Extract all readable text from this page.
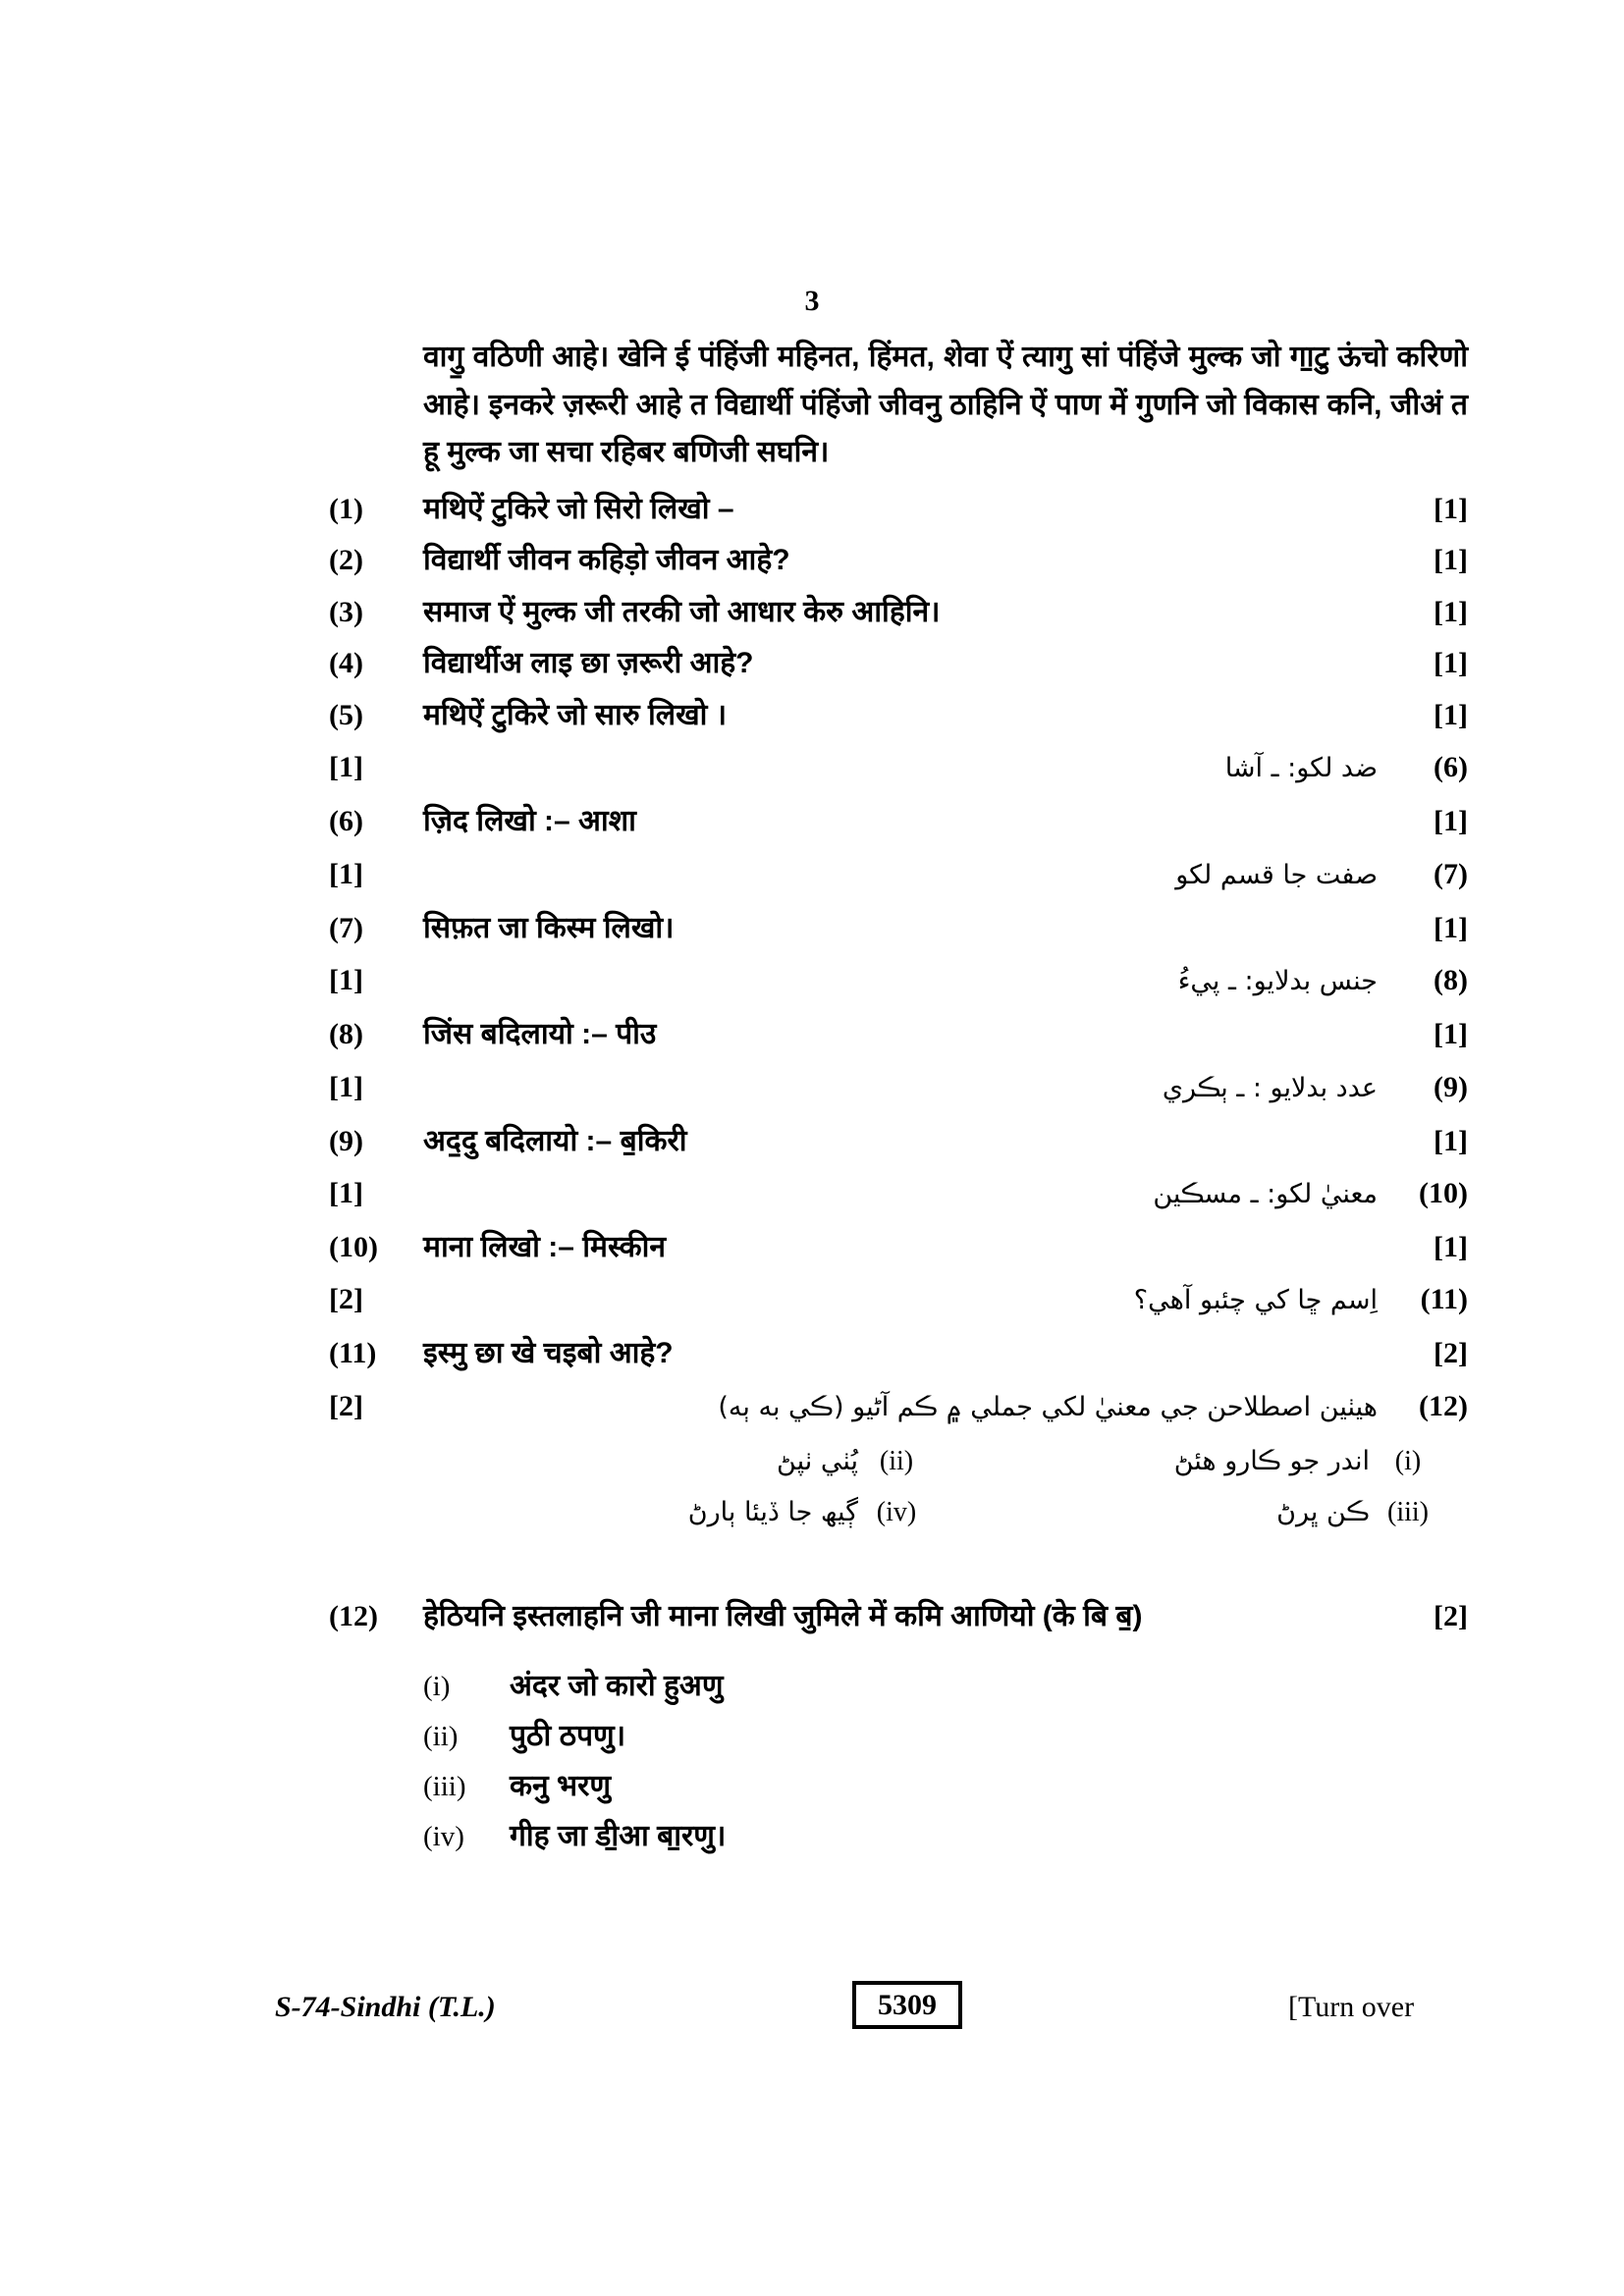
3

वागु॒ वठिणी आहे। खेनि ई पंहिंजी महिनत, हिंमत, शेवा ऐं त्यागु सां पंहिंजे मुल्क जो गा॒टु ऊंचो करिणो आहे। इनकरे ज़रूरी आहे त विद्यार्थी पंहिंजो जीवनु ठाहिनि ऐं पाण में गुणनि जो विकास कनि, जीअं त हू मुल्क जा सचा रहिबर बणिजी सघनि।

(1)	मथिऐं टुकिरे जो सिरो लिखो –	[1]
(2)	विद्यार्थी जीवन कहिड़ो जीवन आहे?	[1]
(3)	समाज ऐं मुल्क जी तरकी जो आधार केरु आहिनि।	[1]
(4)	विद्यार्थीअ लाइ छा ज़रूरी आहे?	[1]
(5)	मथिऐं टुकिरे जो सारु लिखो ।	[1]
[1]	ضد لکو: ـ آشا	(6)
(6)	ज़िद लिखो :– आशा	[1]
[1]	صفت جا قسم لکو	(7)
(7)	सिफ़त जा किस्म लिखो।	[1]
[1]	جنس بدلايو: ـ پيءُ	(8)
(8)	जिंस बदिलायो :– पीउ	[1]
[1]	عدد بدلايو : ـ ٻڪري	(9)
(9)	अद॒दु बदिलायो :– ब॒किरी	[1]
[1]	معنيٰ لکو: ـ مسڪين	(10)
(10)	माना लिखो :– मिस्कीन	[1]
[2]	اِسم ڇا کي چئبو آهي؟	(11)
(11)	इस्मु छा खे चइबो आहे?	[2]
[2]	هيٺين اصطلاحن جي معنيٰ لکي جملي ۾ ڪم آڻيو (ڪي به ٻه)	(12)
(i)
اندر جو ڪارو هئڻ
(ii)
پُٺي ٺپڻ
(iii)
ڪن ڀرڻ
(iv)
ڳيھ جا ڏيئا ٻارڻ
(12)	हेठियनि इस्तलाहनि जी माना लिखी जुमिले में कमि आणियो (के बि ब॒)	[2]
(i)	अंदर जो कारो हुअणु
(ii)	पुठी ठपणु।
(iii)	कनु भरणु
(iv)	गीह जा डी॒आ बा॒रणु।
S-74-Sindhi (T.L.)	5309	[Turn over
